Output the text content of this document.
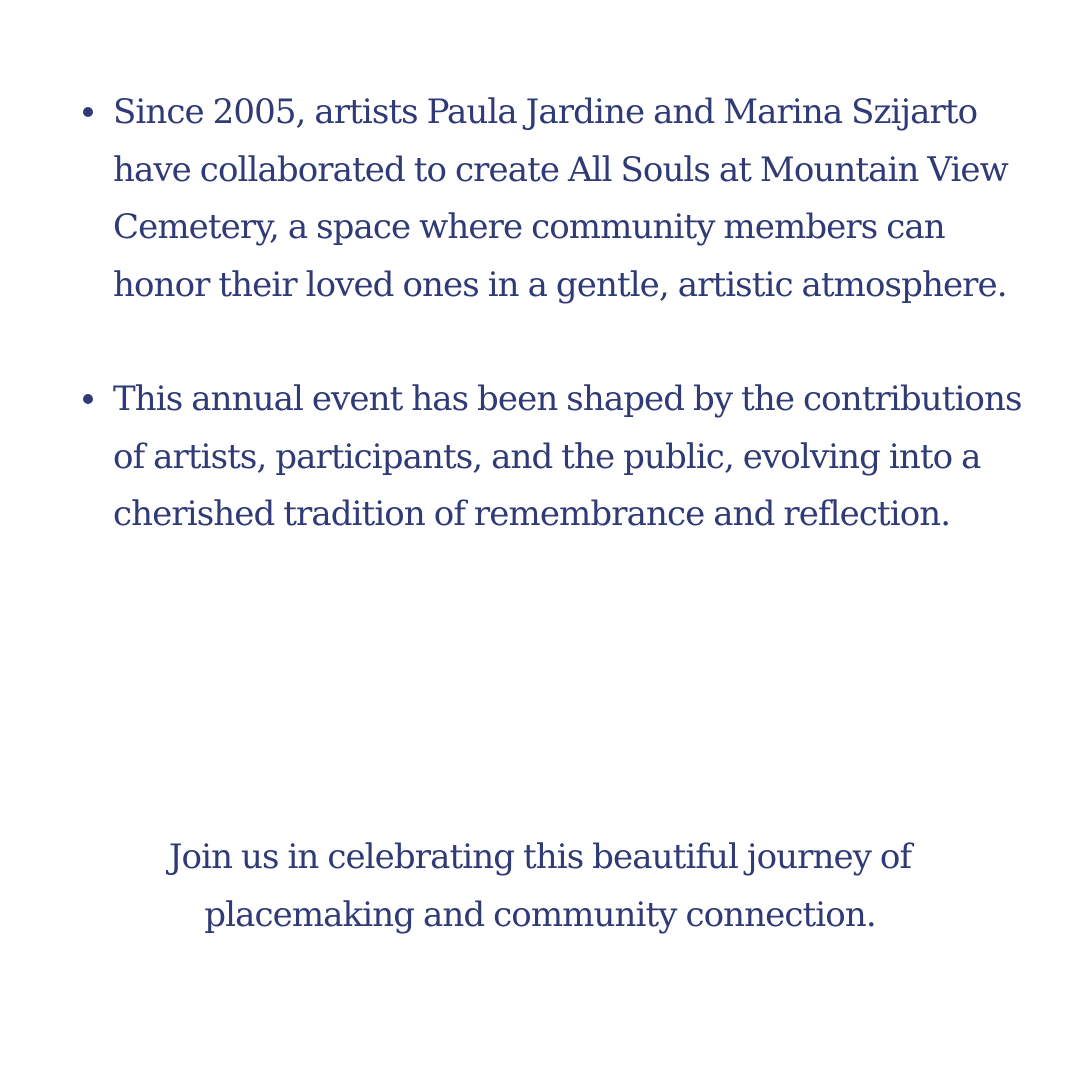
Since 2005, artists Paula Jardine and Marina Szijarto have collaborated to create All Souls at Mountain View Cemetery, a space where community members can honor their loved ones in a gentle, artistic atmosphere.
This annual event has been shaped by the contributions of artists, participants, and the public, evolving into a cherished tradition of remembrance and reflection.

Join us in celebrating this beautiful journey of placemaking and community connection.
